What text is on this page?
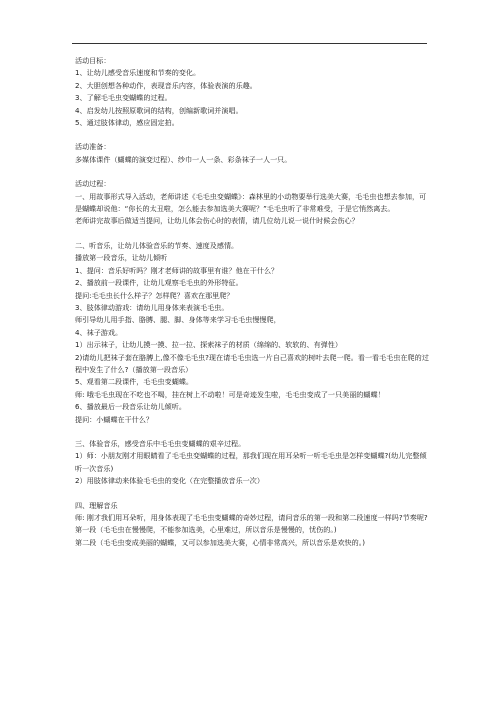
活动目标：

1、让幼儿感受音乐速度和节奏的变化。

2、大胆创想各种动作，表现音乐内容，体验表演的乐趣。

3、了解毛毛虫变蝴蝶的过程。

4、启发幼儿按照原歌词的结构，创编新歌词并演唱。

5、通过肢体律动，感应固定拍。

活动准备：

多媒体课件（蝴蝶的演变过程）、纱巾一人一条、彩条袜子一人一只。

活动过程：

一、用故事形式导入活动，老师讲述《毛毛虫变蝴蝶》：森林里的小动物要举行选美大赛，毛毛虫也想去参加，可是蝴蝶却说他：“你长的太丑啦，怎么能去参加选美大赛呢？”毛毛虫听了非常难受，于是它悄然离去。

老师讲完故事后做适当提问，让幼儿体会伤心时的表情，请几位幼儿说一说什时候会伤心？

二、听音乐，让幼儿体验音乐的节奏、速度及感情。

播放第一段音乐，让幼儿倾听

1、提问：音乐好听吗？刚才老师讲的故事里有谁？他在干什么？

2、播放前一段课件，让幼儿观察毛毛虫的外形特征。

提问:毛毛虫长什么样子？怎样爬？喜欢在那里爬？

3、肢体律动游戏：请幼儿用身体来表演毛毛虫。

师引导幼儿用手指、胳膊、腿、脚、身体等来学习毛毛虫慢慢爬，

4、袜子游戏。

1）出示袜子，让幼儿摸一摸、拉一拉、探索袜子的材质（绵绵的、软软的、有弹性）

2)请幼儿把袜子套在胳膊上,像不像毛毛虫?现在请毛毛虫选一片自己喜欢的树叶去爬一爬。看一看毛毛虫在爬的过程中发生了什么?（播放第一段音乐）

5、观看第二段课件，毛毛虫变蝴蝶。

师: 哦毛毛虫现在不吃也不喝，挂在树上不动啦！可是奇迹发生啦，毛毛虫变成了一只美丽的蝴蝶！

6、播放最后一段音乐让幼儿倾听。

提问：小蝴蝶在干什么？

三、体验音乐，感受音乐中毛毛虫变蝴蝶的艰辛过程。

1）师：小朋友刚才用眼睛看了毛毛虫变蝴蝶的过程，那我们现在用耳朵听一听毛毛虫是怎样变蝴蝶?(幼儿完整倾听一次音乐)

2）用肢体律动来体验毛毛虫的变化（在完整播放音乐一次）

四、理解音乐

师: 刚才我们用耳朵听，用身体表现了毛毛虫变蝴蝶的奇妙过程，请问音乐的第一段和第二段速度一样吗?节奏呢?

第一段（毛毛虫在慢慢爬，不能参加选美，心里难过，所以音乐是慢慢的，忧伤的。)

第二段（毛毛虫变成美丽的蝴蝶，又可以参加选美大赛，心情非常高兴，所以音乐是欢快的。)
